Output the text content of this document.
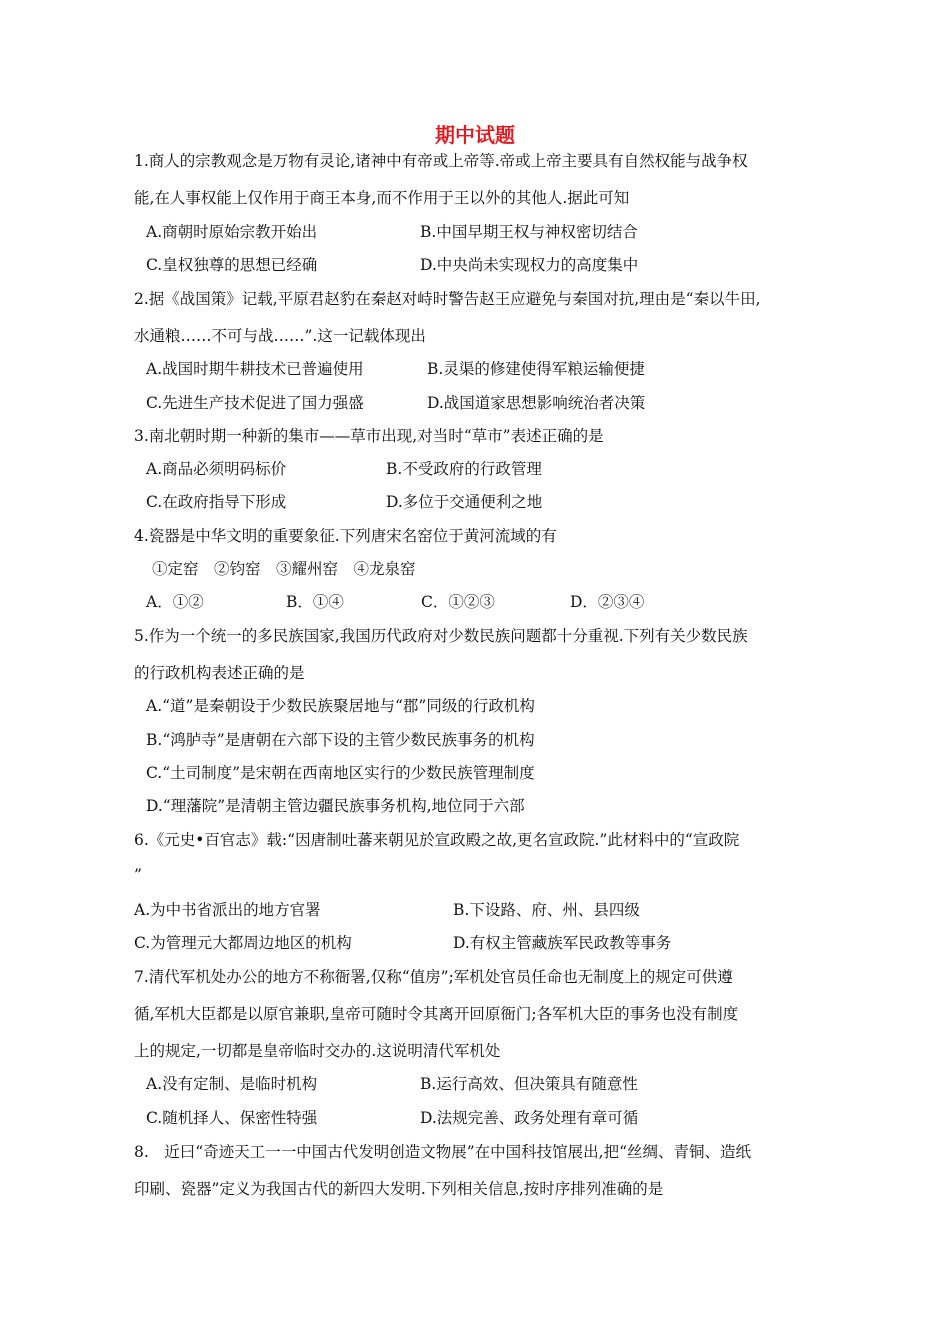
期中试题
1.商人的宗教观念是万物有灵论,诸神中有帝或上帝等.帝或上帝主要具有自然权能与战争权
能,在人事权能上仅作用于商王本身,而不作用于王以外的其他人.据此可知
A.商朝时原始宗教开始出	B.中国早期王权与神权密切结合
C.皇权独尊的思想已经确	D.中央尚未实现权力的高度集中
2.据《战国策》记载,平原君赵豹在秦赵对峙时警告赵王应避免与秦国对抗,理由是“秦以牛田,
水通粮……不可与战……”.这一记载体现出
A.战国时期牛耕技术已普遍使用	B.灵渠的修建使得军粮运输便捷
C.先进生产技术促进了国力强盛	D.战国道家思想影响统治者决策
3.南北朝时期一种新的集市——草市出现,对当时“草市”表述正确的是
A.商品必须明码标价	B.不受政府的行政管理
C.在政府指导下形成	D.多位于交通便利之地
4.瓷器是中华文明的重要象征.下列唐宋名窑位于黄河流域的有
①定窑　②钧窑　③耀州窑　④龙泉窑
A．①②	B．①④	C．①②③	D．②③④
5.作为一个统一的多民族国家,我国历代政府对少数民族问题都十分重视.下列有关少数民族
的行政机构表述正确的是
A.“道”是秦朝设于少数民族聚居地与“郡”同级的行政机构
B.“鸿胪寺”是唐朝在六部下设的主管少数民族事务的机构
C.“土司制度”是宋朝在西南地区实行的少数民族管理制度
D.“理藩院”是清朝主管边疆民族事务机构,地位同于六部
6.《元史•百官志》载:“因唐制吐蕃来朝见於宣政殿之故,更名宣政院.”此材料中的“宣政院
”
A.为中书省派出的地方官署	B.下设路、府、州、县四级
C.为管理元大都周边地区的机构	D.有权主管藏族军民政教等事务
7.清代军机处办公的地方不称衙署,仅称“值房”;军机处官员任命也无制度上的规定可供遵
循,军机大臣都是以原官兼职,皇帝可随时令其离开回原衙门;各军机大臣的事务也没有制度
上的规定,一切都是皇帝临时交办的.这说明清代军机处
A.没有定制、是临时机构	B.运行高效、但决策具有随意性
C.随机择人、保密性特强	D.法规完善、政务处理有章可循
8.　近曰“奇迹天工一一中国古代发明创造文物展”在中国科技馆展出,把“丝绸、青铜、造纸
印刷、瓷器”定义为我国古代的新四大发明.下列相关信息,按时序排列准确的是
